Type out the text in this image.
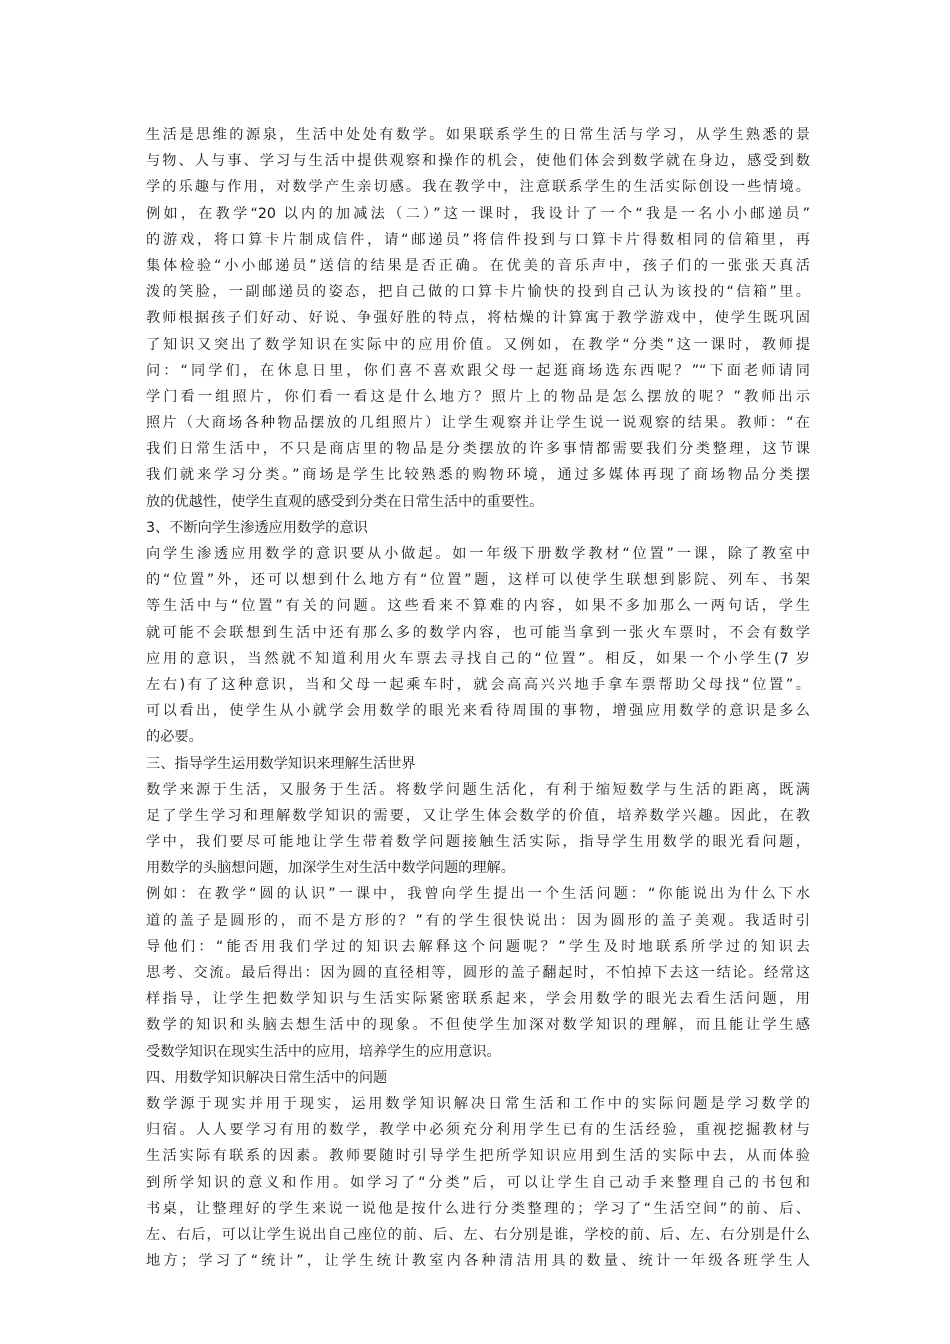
生活是思维的源泉，生活中处处有数学。如果联系学生的日常生活与学习，从学生熟悉的景
与物、人与事、学习与生活中提供观察和操作的机会，使他们体会到数学就在身边，感受到数
学的乐趣与作用，对数学产生亲切感。我在教学中，注意联系学生的生活实际创设一些情境。
例如，在教学“20 以内的加减法（二）”这一课时，我设计了一个“我是一名小小邮递员”
的游戏，将口算卡片制成信件，请“邮递员”将信件投到与口算卡片得数相同的信箱里，再
集体检验“小小邮递员”送信的结果是否正确。在优美的音乐声中，孩子们的一张张天真活
泼的笑脸，一副邮递员的姿态，把自己做的口算卡片愉快的投到自己认为该投的“信箱”里。
教师根据孩子们好动、好说、争强好胜的特点，将枯燥的计算寓于教学游戏中，使学生既巩固
了知识又突出了数学知识在实际中的应用价值。又例如，在教学“分类”这一课时，教师提
问：“同学们，在休息日里，你们喜不喜欢跟父母一起逛商场选东西呢？”“下面老师请同
学门看一组照片，你们看一看这是什么地方？照片上的物品是怎么摆放的呢？”教师出示
照片（大商场各种物品摆放的几组照片）让学生观察并让学生说一说观察的结果。教师：“在
我们日常生活中，不只是商店里的物品是分类摆放的许多事情都需要我们分类整理，这节课
我们就来学习分类。”商场是学生比较熟悉的购物环境，通过多媒体再现了商场物品分类摆
放的优越性，使学生直观的感受到分类在日常生活中的重要性。
3、不断向学生渗透应用数学的意识
向学生渗透应用数学的意识要从小做起。如一年级下册数学教材“位置”一课，除了教室中
的“位置”外，还可以想到什么地方有“位置”题，这样可以使学生联想到影院、列车、书架
等生活中与“位置”有关的问题。这些看来不算难的内容，如果不多加那么一两句话，学生
就可能不会联想到生活中还有那么多的数学内容，也可能当拿到一张火车票时，不会有数学
应用的意识，当然就不知道利用火车票去寻找自己的“位置”。相反，如果一个小学生(7 岁
左右)有了这种意识，当和父母一起乘车时，就会高高兴兴地手拿车票帮助父母找“位置”。
可以看出，使学生从小就学会用数学的眼光来看待周围的事物，增强应用数学的意识是多么
的必要。
三、指导学生运用数学知识来理解生活世界
数学来源于生活，又服务于生活。将数学问题生活化，有利于缩短数学与生活的距离，既满
足了学生学习和理解数学知识的需要，又让学生体会数学的价值，培养数学兴趣。因此，在教
学中，我们要尽可能地让学生带着数学问题接触生活实际，指导学生用数学的眼光看问题，
用数学的头脑想问题，加深学生对生活中数学问题的理解。
例如：在教学“圆的认识”一课中，我曾向学生提出一个生活问题：“你能说出为什么下水
道的盖子是圆形的，而不是方形的？”有的学生很快说出：因为圆形的盖子美观。我适时引
导他们：“能否用我们学过的知识去解释这个问题呢？”学生及时地联系所学过的知识去
思考、交流。最后得出：因为圆的直径相等，圆形的盖子翻起时，不怕掉下去这一结论。经常这
样指导，让学生把数学知识与生活实际紧密联系起来，学会用数学的眼光去看生活问题，用
数学的知识和头脑去想生活中的现象。不但使学生加深对数学知识的理解，而且能让学生感
受数学知识在现实生活中的应用，培养学生的应用意识。
四、用数学知识解决日常生活中的问题
数学源于现实并用于现实，运用数学知识解决日常生活和工作中的实际问题是学习数学的
归宿。人人要学习有用的数学，教学中必须充分利用学生已有的生活经验，重视挖掘教材与
生活实际有联系的因素。教师要随时引导学生把所学知识应用到生活的实际中去，从而体验
到所学知识的意义和作用。如学习了“分类”后，可以让学生自己动手来整理自己的书包和
书桌，让整理好的学生来说一说他是按什么进行分类整理的；学习了“生活空间”的前、后、
左、右后，可以让学生说出自己座位的前、后、左、右分别是谁，学校的前、后、左、右分别是什么
地方；学习了“统计”，让学生统计教室内各种清洁用具的数量、统计一年级各班学生人
